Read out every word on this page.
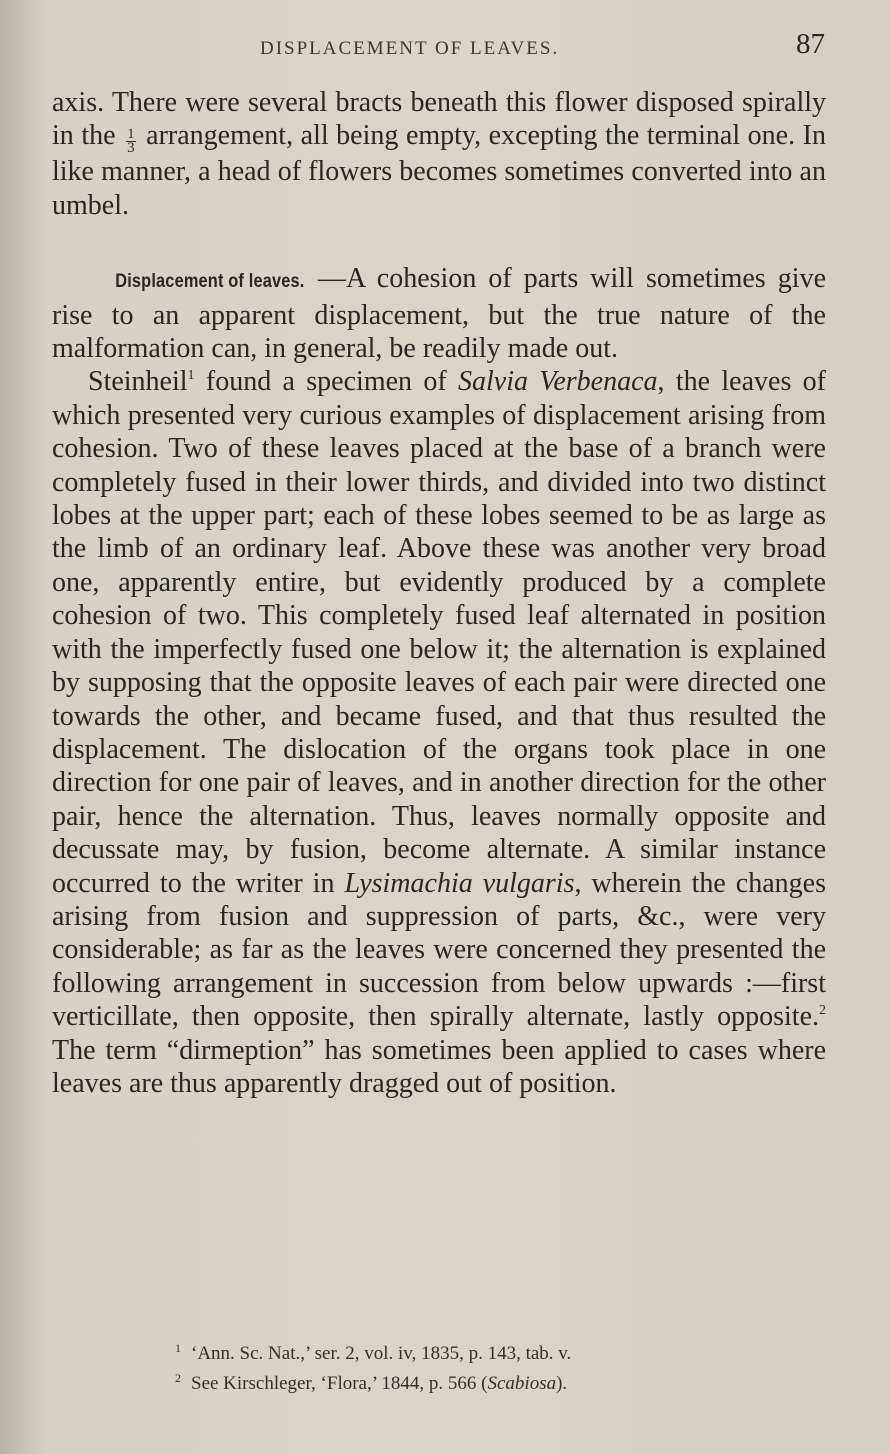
DISPLACEMENT OF LEAVES.	87

axis. There were several bracts beneath this flower disposed spirally in the $\frac{1}{3}$ arrangement, all being empty, excepting the terminal one. In like manner, a head of flowers becomes sometimes converted into an umbel.

Displacement of leaves. —A cohesion of parts will sometimes give rise to an apparent displacement, but the true nature of the malformation can, in general, be readily made out.

Steinheil$^1$ found a specimen of Salvia Verbenaca, the leaves of which presented very curious examples of displacement arising from cohesion. Two of these leaves placed at the base of a branch were completely fused in their lower thirds, and divided into two distinct lobes at the upper part; each of these lobes seemed to be as large as the limb of an ordinary leaf. Above these was another very broad one, apparently entire, but evidently produced by a complete cohesion of two. This completely fused leaf alternated in position with the imperfectly fused one below it; the alternation is explained by supposing that the opposite leaves of each pair were directed one towards the other, and became fused, and that thus resulted the displacement. The dislocation of the organs took place in one direction for one pair of leaves, and in another direction for the other pair, hence the alternation. Thus, leaves normally opposite and decussate may, by fusion, become alternate. A similar instance occurred to the writer in Lysimachia vulgaris, wherein the changes arising from fusion and suppression of parts, &c., were very considerable; as far as the leaves were concerned they presented the following arrangement in succession from below upwards :—first verticillate, then opposite, then spirally alternate, lastly opposite.$^2$ The term “dirmeption” has sometimes been applied to cases where leaves are thus apparently dragged out of position.

$^1$ ‘Ann. Sc. Nat.,’ ser. 2, vol. iv, 1835, p. 143, tab. v.
$^2$ See Kirschleger, ‘Flora,’ 1844, p. 566 (Scabiosa).
